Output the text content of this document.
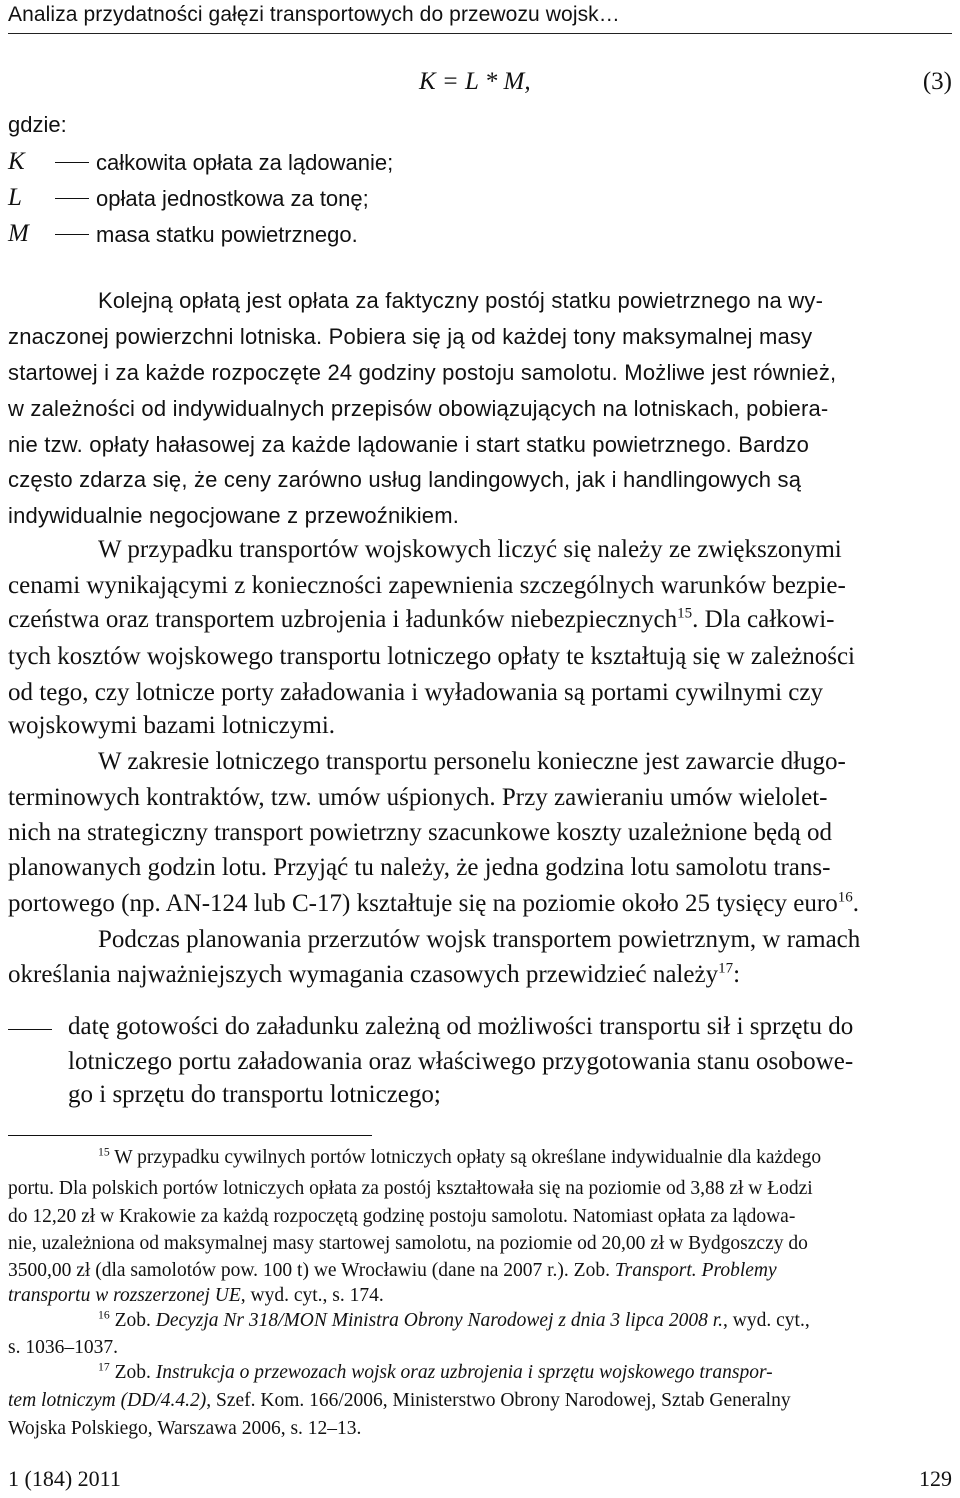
Analiza przydatności gałęzi transportowych do przewozu wojsk…
K = L * M,	(3)
gdzie:
K	całkowita opłata za lądowanie;
L	opłata jednostkowa za tonę;
M	masa statku powietrznego.
Kolejną opłatą jest opłata za faktyczny postój statku powietrznego na wy-
znaczonej powierzchni lotniska. Pobiera się ją od każdej tony maksymalnej masy
startowej i za każde rozpoczęte 24 godziny postoju samolotu. Możliwe jest również,
w zależności od indywidualnych przepisów obowiązujących na lotniskach, pobiera-
nie tzw. opłaty hałasowej za każde lądowanie i start statku powietrznego. Bardzo
często zdarza się, że ceny zarówno usług landingowych, jak i handlingowych są
indywidualnie negocjowane z przewoźnikiem.
W przypadku transportów wojskowych liczyć się należy ze zwiększonymi
cenami wynikającymi z konieczności zapewnienia szczególnych warunków bezpie-
czeństwa oraz transportem uzbrojenia i ładunków niebezpiecznych$^{15}$. Dla całkowi-
tych kosztów wojskowego transportu lotniczego opłaty te kształtują się w zależności
od tego, czy lotnicze porty załadowania i wyładowania są portami cywilnymi czy
wojskowymi bazami lotniczymi.
W zakresie lotniczego transportu personelu konieczne jest zawarcie długo-
terminowych kontraktów, tzw. umów uśpionych. Przy zawieraniu umów wielolet-
nich na strategiczny transport powietrzny szacunkowe koszty uzależnione będą od
planowanych godzin lotu. Przyjąć tu należy, że jedna godzina lotu samolotu trans-
portowego (np. AN-124 lub C-17) kształtuje się na poziomie około 25 tysięcy euro$^{16}$.
Podczas planowania przerzutów wojsk transportem powietrznym, w ramach
określania najważniejszych wymagania czasowych przewidzieć należy$^{17}$:
datę gotowości do załadunku zależną od możliwości transportu sił i sprzętu do
lotniczego portu załadowania oraz właściwego przygotowania stanu osobowe-
go i sprzętu do transportu lotniczego;
$^{15}$ W przypadku cywilnych portów lotniczych opłaty są określane indywidualnie dla każdego
portu. Dla polskich portów lotniczych opłata za postój kształtowała się na poziomie od 3,88 zł w Łodzi
do 12,20 zł w Krakowie za każdą rozpoczętą godzinę postoju samolotu. Natomiast opłata za lądowa-
nie, uzależniona od maksymalnej masy startowej samolotu, na poziomie od 20,00 zł w Bydgoszczy do
3500,00 zł (dla samolotów pow. 100 t) we Wrocławiu (dane na 2007 r.). Zob. Transport. Problemy
transportu w rozszerzonej UE, wyd. cyt., s. 174.
$^{16}$ Zob. Decyzja Nr 318/MON Ministra Obrony Narodowej z dnia 3 lipca 2008 r., wyd. cyt.,
s. 1036–1037.
$^{17}$ Zob. Instrukcja o przewozach wojsk oraz uzbrojenia i sprzętu wojskowego transpor-
tem lotniczym (DD/4.4.2), Szef. Kom. 166/2006, Ministerstwo Obrony Narodowej, Sztab Generalny
Wojska Polskiego, Warszawa 2006, s. 12–13.
1 (184) 2011	129
